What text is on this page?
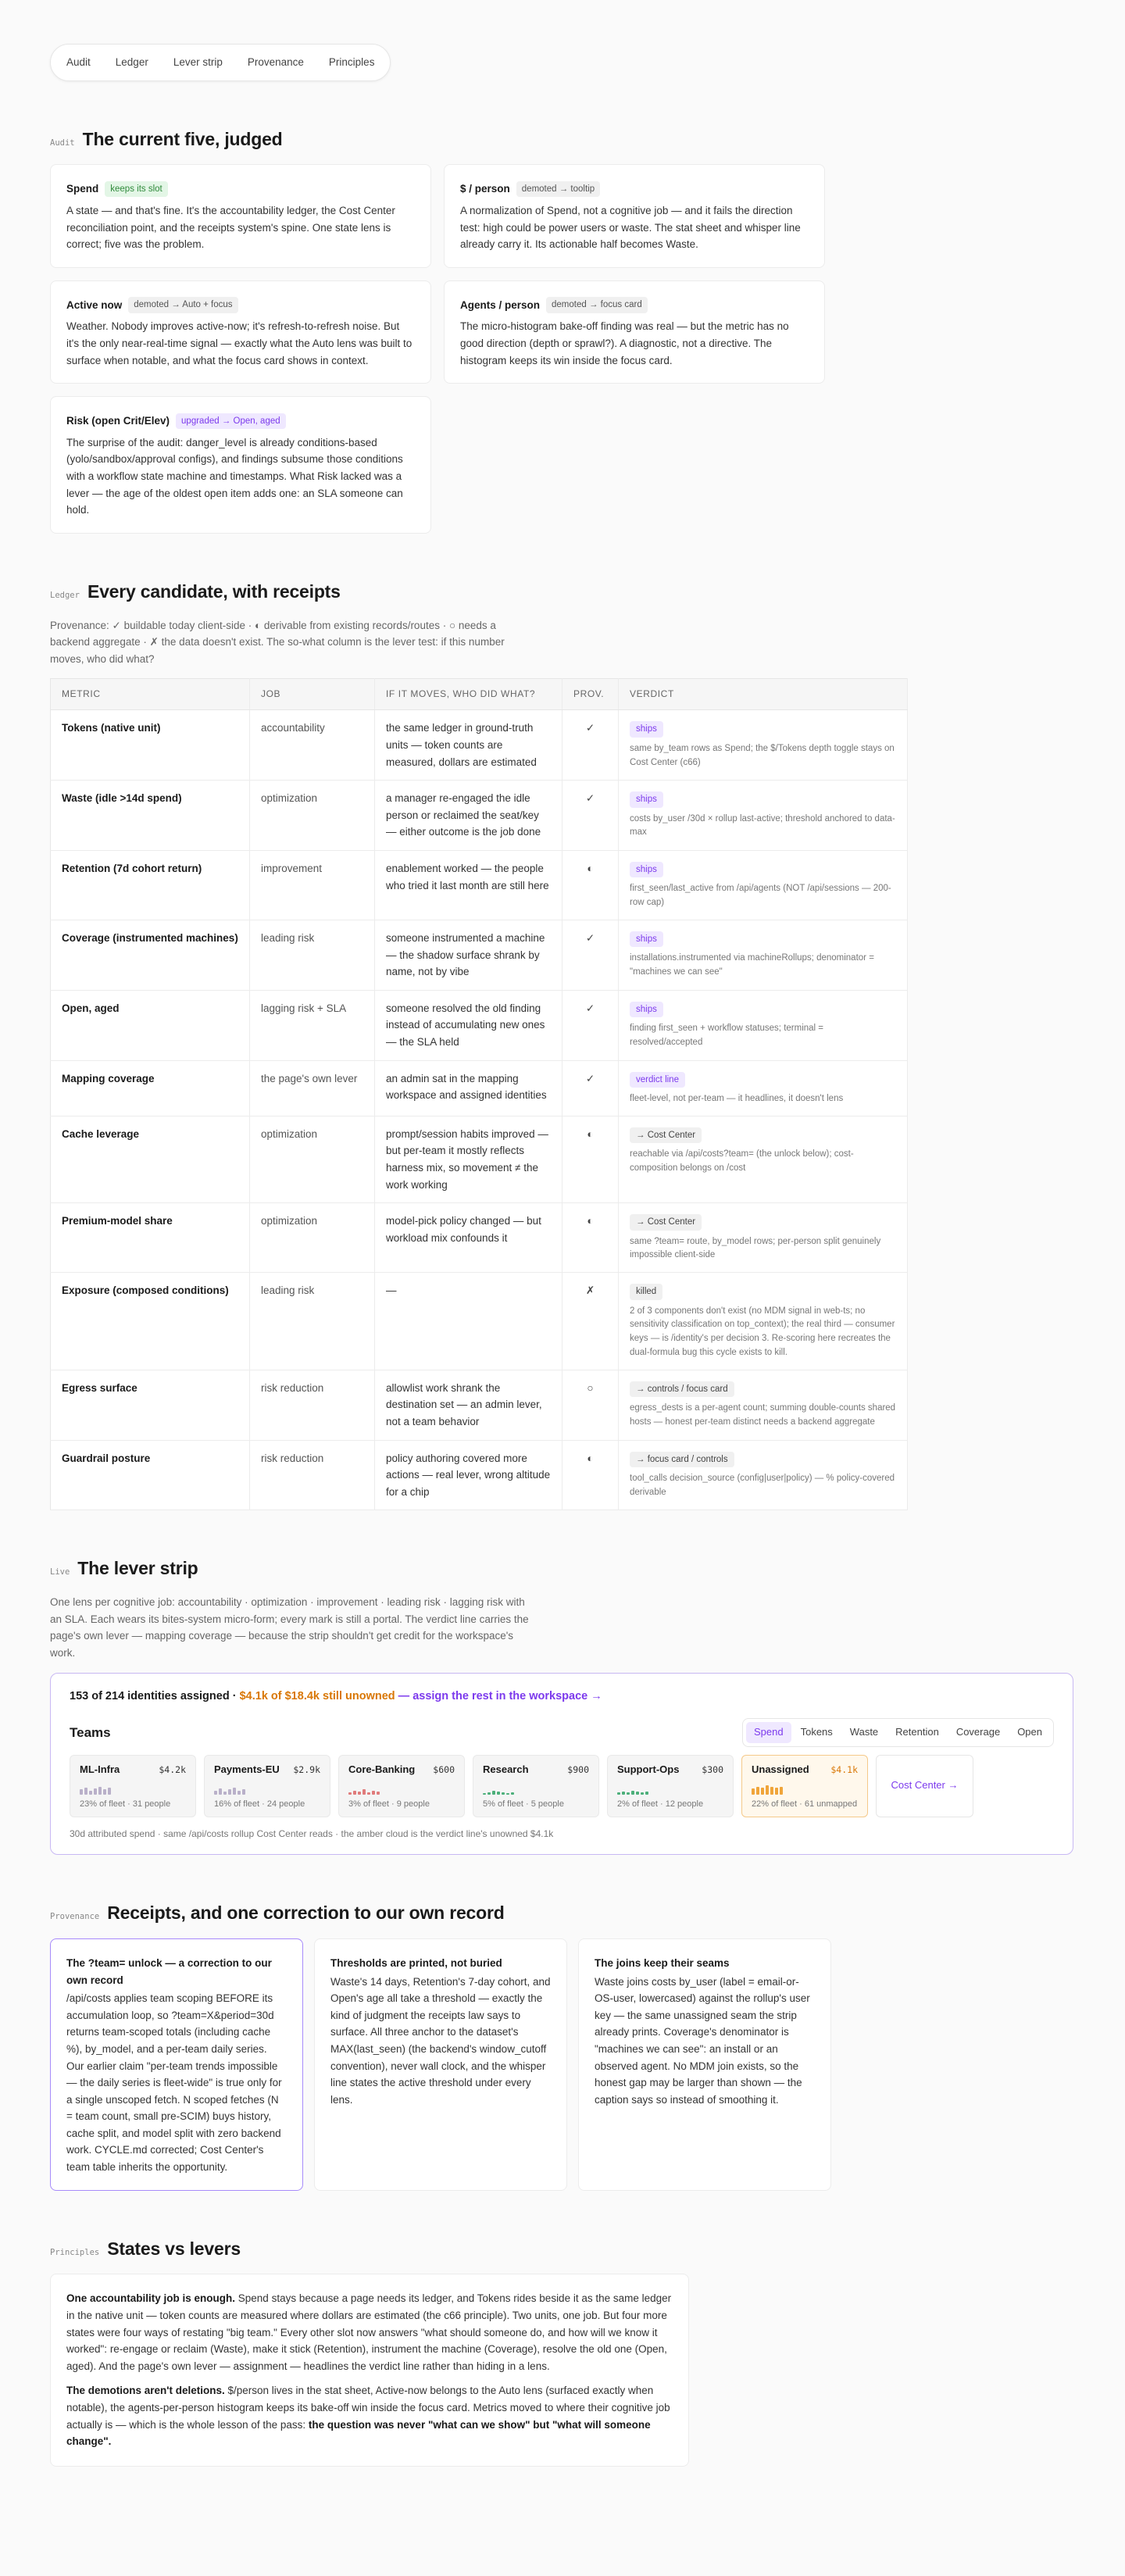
Audit	Ledger	Lever strip	Provenance	Principles
Audit The current five, judged
Spend	keeps its slot

A state — and that's fine. It's the accountability ledger, the Cost Center reconciliation point, and the receipts system's spine. One state lens is correct; five was the problem.

$ / person	demoted → tooltip

A normalization of Spend, not a cognitive job — and it fails the direction test: high could be power users or waste. The stat sheet and whisper line already carry it. Its actionable half becomes Waste.

Active now	demoted → Auto + focus

Weather. Nobody improves active-now; it's refresh-to-refresh noise. But it's the only near-real-time signal — exactly what the Auto lens was built to surface when notable, and what the focus card shows in context.

Agents / person	demoted → focus card

The micro-histogram bake-off finding was real — but the metric has no good direction (depth or sprawl?). A diagnostic, not a directive. The histogram keeps its win inside the focus card.

Risk (open Crit/Elev)	upgraded → Open, aged

The surprise of the audit: danger_level is already conditions-based (yolo/sandbox/approval configs), and findings subsume those conditions with a workflow state machine and timestamps. What Risk lacked was a lever — the age of the oldest open item adds one: an SLA someone can hold.

Ledger Every candidate, with receipts

Provenance: ✓ buildable today client-side · ◐ derivable from existing records/routes · ○ needs a backend aggregate · ✗ the data doesn't exist. The so-what column is the lever test: if this number moves, who did what?

METRIC	JOB	IF IT MOVES, WHO DID WHAT?	PROV.	VERDICT
Tokens (native unit)	accountability	the same ledger in ground-truth units — token counts are measured, dollars are estimated	✓	ships
same by_team rows as Spend; the $/Tokens depth toggle stays on Cost Center (c66)

Waste (idle >14d spend)	optimization	a manager re-engaged the idle person or reclaimed the seat/key — either outcome is the job done	✓	ships
costs by_user /30d × rollup last-active; threshold anchored to data-max

Retention (7d cohort return)	improvement	enablement worked — the people who tried it last month are still here	◐	ships
first_seen/last_active from /api/agents (NOT /api/sessions — 200-row cap)

Coverage (instrumented machines)	leading risk	someone instrumented a machine — the shadow surface shrank by name, not by vibe	✓	ships
installations.instrumented via machineRollups; denominator = "machines we can see"

Open, aged	lagging risk + SLA	someone resolved the old finding instead of accumulating new ones — the SLA held	✓	ships
finding first_seen + workflow statuses; terminal = resolved/accepted

Mapping coverage	the page's own lever	an admin sat in the mapping workspace and assigned identities	✓	verdict line
fleet-level, not per-team — it headlines, it doesn't lens

Cache leverage	optimization	prompt/session habits improved — but per-team it mostly reflects harness mix, so movement ≠ the work working	◐	→ Cost Center
reachable via /api/costs?team= (the unlock below); cost-composition belongs on /cost

Premium-model share	optimization	model-pick policy changed — but workload mix confounds it	◐	→ Cost Center
same ?team= route, by_model rows; per-person split genuinely impossible client-side

Exposure (composed conditions)	leading risk	—	✗	killed
2 of 3 components don't exist (no MDM signal in web-ts; no sensitivity classification on top_context); the real third — consumer keys — is /identity's per decision 3. Re-scoring here recreates the dual-formula bug this cycle exists to kill.

Egress surface	risk reduction	allowlist work shrank the destination set — an admin lever, not a team behavior	○	→ controls / focus card
egress_dests is a per-agent count; summing double-counts shared hosts — honest per-team distinct needs a backend aggregate

Guardrail posture	risk reduction	policy authoring covered more actions — real lever, wrong altitude for a chip	◐	→ focus card / controls
tool_calls decision_source (config|user|policy) — % policy-covered derivable
Live The lever strip

One lens per cognitive job: accountability · optimization · improvement · leading risk · lagging risk with an SLA. Each wears its bites-system micro-form; every mark is still a portal. The verdict line carries the page's own lever — mapping coverage — because the strip shouldn't get credit for the workspace's work.

153 of 214 identities assigned · $4.1k of $18.4k still unowned — assign the rest in the workspace →
Teams	Spend	Tokens	Waste	Retention	Coverage	Open
ML-Infra	$4.2k
23% of fleet · 31 people
Payments-EU $2.9k
16% of fleet · 24 people
Core-Banking $600
3% of fleet · 9 people
Research	$900
5% of fleet · 5 people
Support-Ops	$300
2% of fleet · 12 people
Unassigned $4.1k
22% of fleet · 61 unmapped
Cost Center →
30d attributed spend · same /api/costs rollup Cost Center reads · the amber cloud is the verdict line's unowned $4.1k
Provenance Receipts, and one correction to our own record
The ?team= unlock — a correction to our own record

/api/costs applies team scoping BEFORE its accumulation loop, so ?team=X&period=30d returns team-scoped totals (including cache %), by_model, and a per-team daily series. Our earlier claim "per-team trends impossible — the daily series is fleet-wide" is true only for a single unscoped fetch. N scoped fetches (N = team count, small pre-SCIM) buys history, cache split, and model split with zero backend work. CYCLE.md corrected; Cost Center's team table inherits the opportunity.

Thresholds are printed, not buried

Waste's 14 days, Retention's 7-day cohort, and Open's age all take a threshold — exactly the kind of judgment the receipts law says to surface. All three anchor to the dataset's MAX(last_seen) (the backend's window_cutoff convention), never wall clock, and the whisper line states the active threshold under every lens.

The joins keep their seams

Waste joins costs by_user (label = email-or-OS-user, lowercased) against the rollup's user key — the same unassigned seam the strip already prints. Coverage's denominator is "machines we can see": an install or an observed agent. No MDM join exists, so the honest gap may be larger than shown — the caption says so instead of smoothing it.

Principles States vs levers

One accountability job is enough. Spend stays because a page needs its ledger, and Tokens rides beside it as the same ledger in the native unit — token counts are measured where dollars are estimated (the c66 principle). Two units, one job. But four more states were four ways of restating "big team." Every other slot now answers "what should someone do, and how will we know it worked": re-engage or reclaim (Waste), make it stick (Retention), instrument the machine (Coverage), resolve the old one (Open, aged). And the page's own lever — assignment — headlines the verdict line rather than hiding in a lens.

The demotions aren't deletions. $/person lives in the stat sheet, Active-now belongs to the Auto lens (surfaced exactly when notable), the agents-per-person histogram keeps its bake-off win inside the focus card. Metrics moved to where their cognitive job actually is — which is the whole lesson of the pass: the question was never "what can we show" but "what will someone change".
